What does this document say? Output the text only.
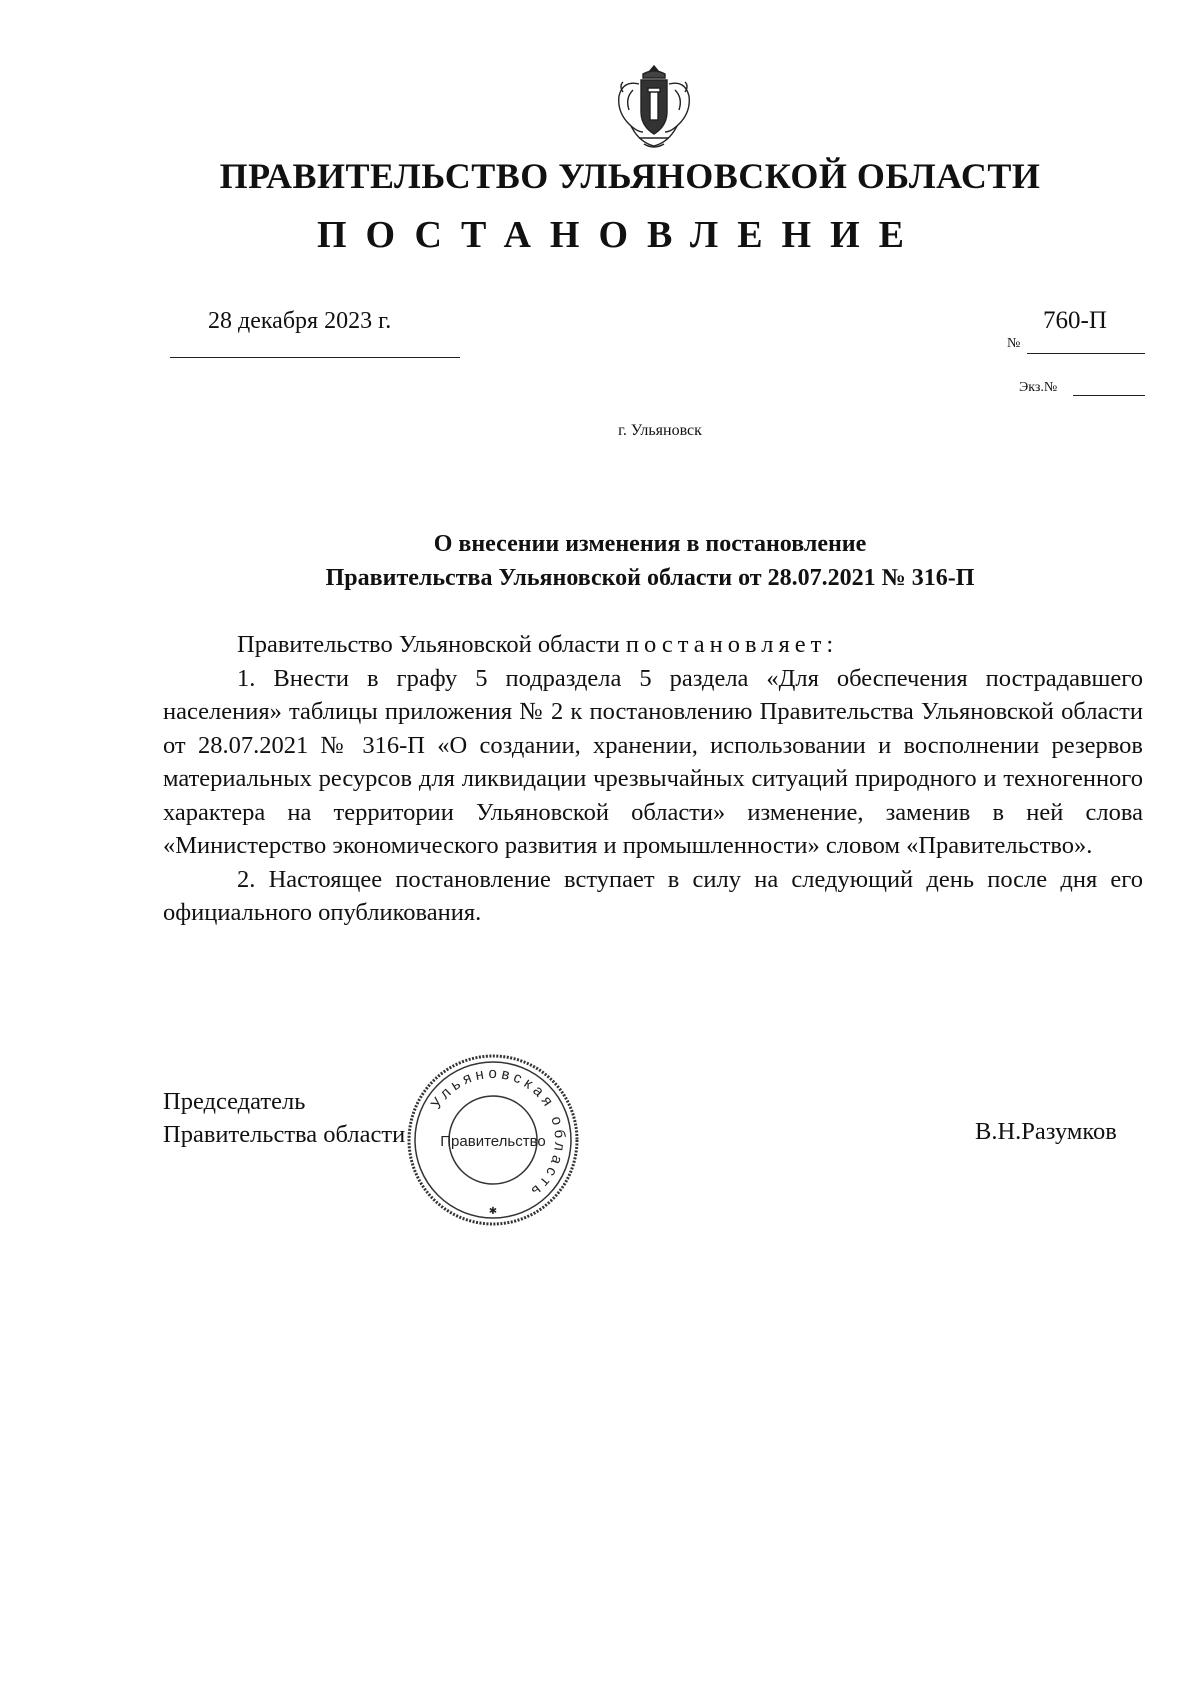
ПРАВИТЕЛЬСТВО УЛЬЯНОВСКОЙ ОБЛАСТИ
ПОСТАНОВЛЕНИЕ
28 декабря 2023 г.	760-П
№
Экз.№
г. Ульяновск
О внесении изменения в постановление
Правительства Ульяновской области от 28.07.2021 № 316-П

Правительство Ульяновской области постановляет:

1. Внести в графу 5 подраздела 5 раздела «Для обеспечения пострадавшего населения» таблицы приложения № 2 к постановлению Правительства Ульяновской области от 28.07.2021 № 316-П «О создании, хранении, использовании и восполнении резервов материальных ресурсов для ликвидации чрезвычайных ситуаций природного и техногенного характера на территории Ульяновской области» изменение, заменив в ней слова «Министерство экономического развития и промышленности» словом «Правительство».

2. Настоящее постановление вступает в силу на следующий день после дня его официального опубликования.

Председатель
Правительства области	В.Н.Разумков
Ульяновская область
Правительство
✱
